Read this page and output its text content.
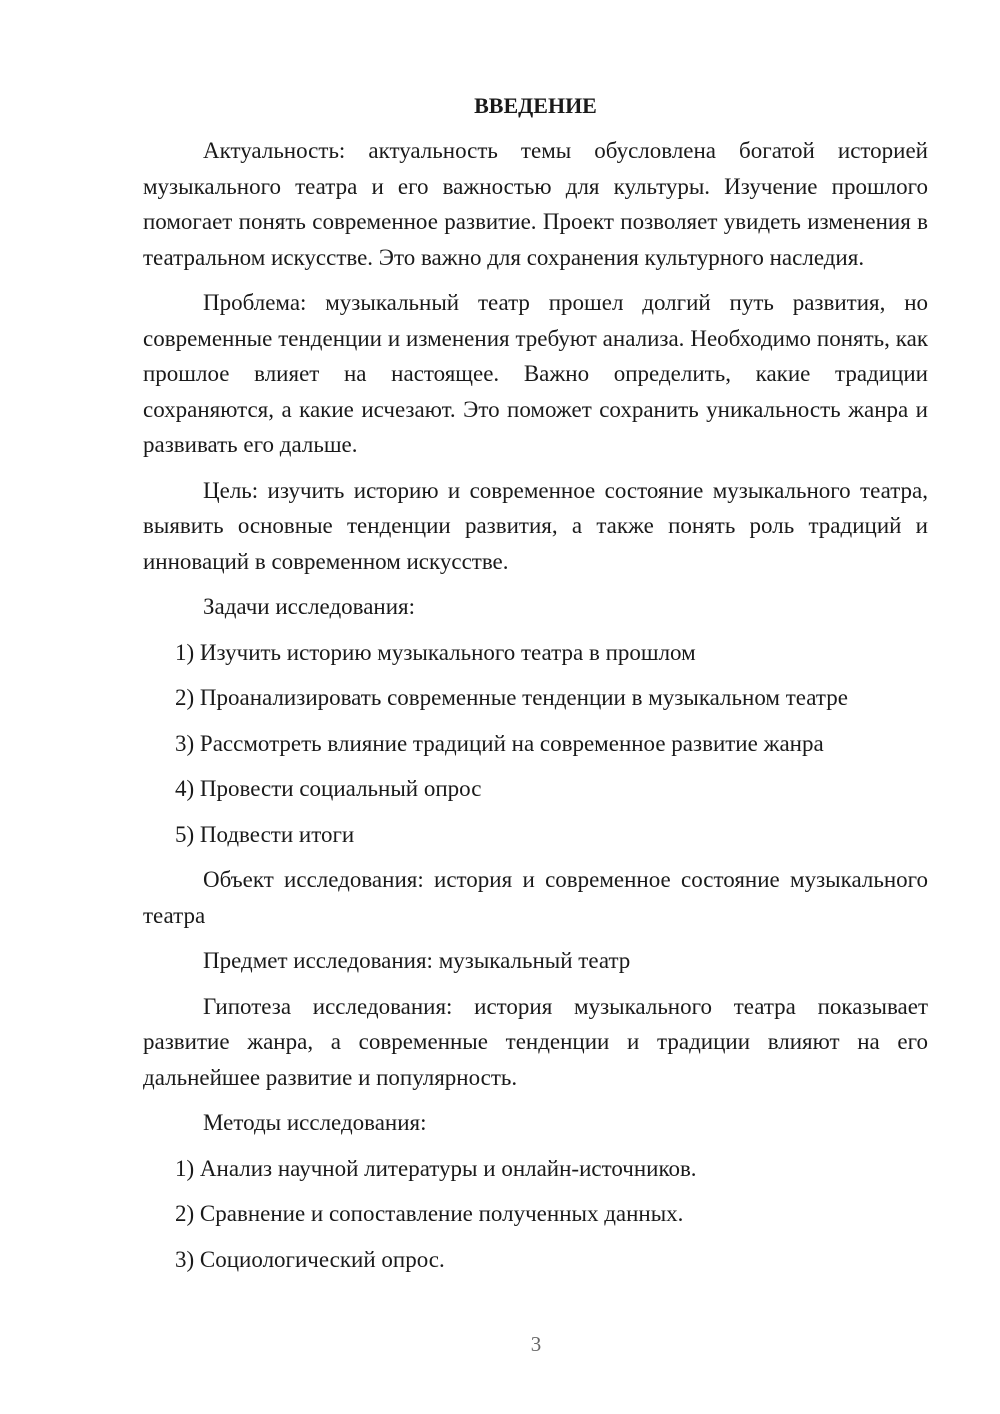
ВВЕДЕНИЕ
Актуальность: актуальность темы обусловлена богатой историей музыкального театра и его важностью для культуры. Изучение прошлого помогает понять современное развитие. Проект позволяет увидеть изменения в театральном искусстве. Это важно для сохранения культурного наследия.
Проблема: музыкальный театр прошел долгий путь развития, но современные тенденции и изменения требуют анализа. Необходимо понять, как прошлое влияет на настоящее. Важно определить, какие традиции сохраняются, а какие исчезают. Это поможет сохранить уникальность жанра и развивать его дальше.
Цель: изучить историю и современное состояние музыкального театра, выявить основные тенденции развития, а также понять роль традиций и инноваций в современном искусстве.
Задачи исследования:
1) Изучить историю музыкального театра в прошлом
2) Проанализировать современные тенденции в музыкальном театре
3) Рассмотреть влияние традиций на современное развитие жанра
4) Провести социальный опрос
5) Подвести итоги
Объект исследования: история и современное состояние музыкального театра
Предмет исследования: музыкальный театр
Гипотеза исследования: история музыкального театра показывает развитие жанра, а современные тенденции и традиции влияют на его дальнейшее развитие и популярность.
Методы исследования:
1) Анализ научной литературы и онлайн-источников.
2) Сравнение и сопоставление полученных данных.
3) Социологический опрос.
3
